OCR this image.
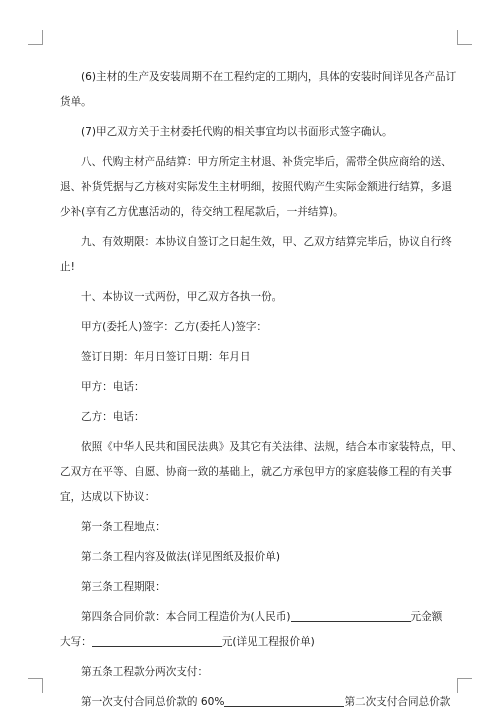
(6)主材的生产及安装周期不在工程约定的工期内，具体的安装时间详见各产品订
货单。
(7)甲乙双方关于主材委托代购的相关事宜均以书面形式签字确认。
八、代购主材产品结算：甲方所定主材退、补货完毕后，需带全供应商给的送、
退、补货凭据与乙方核对实际发生主材明细，按照代购产生实际金额进行结算，多退
少补(享有乙方优惠活动的，待交纳工程尾款后，一并结算)。
九、有效期限：本协议自签订之日起生效，甲、乙双方结算完毕后，协议自行终
止!
十、本协议一式两份，甲乙双方各执一份。
甲方(委托人)签字：乙方(委托人)签字：
签订日期：年月日签订日期：年月日
甲方：电话：
乙方：电话：
依照《中华人民共和国民法典》及其它有关法律、法规，结合本市家装特点，甲、
乙双方在平等、自愿、协商一致的基础上，就乙方承包甲方的家庭装修工程的有关事
宜，达成以下协议：
第一条工程地点：
第二条工程内容及做法(详见图纸及报价单)
第三条工程期限：
第四条合同价款：本合同工程造价为(人民币)	元金额
大写：	元(详见工程报价单)
第五条工程款分两次支付：
第一次支付合同总价款的 60%	第二次支付合同总价款
